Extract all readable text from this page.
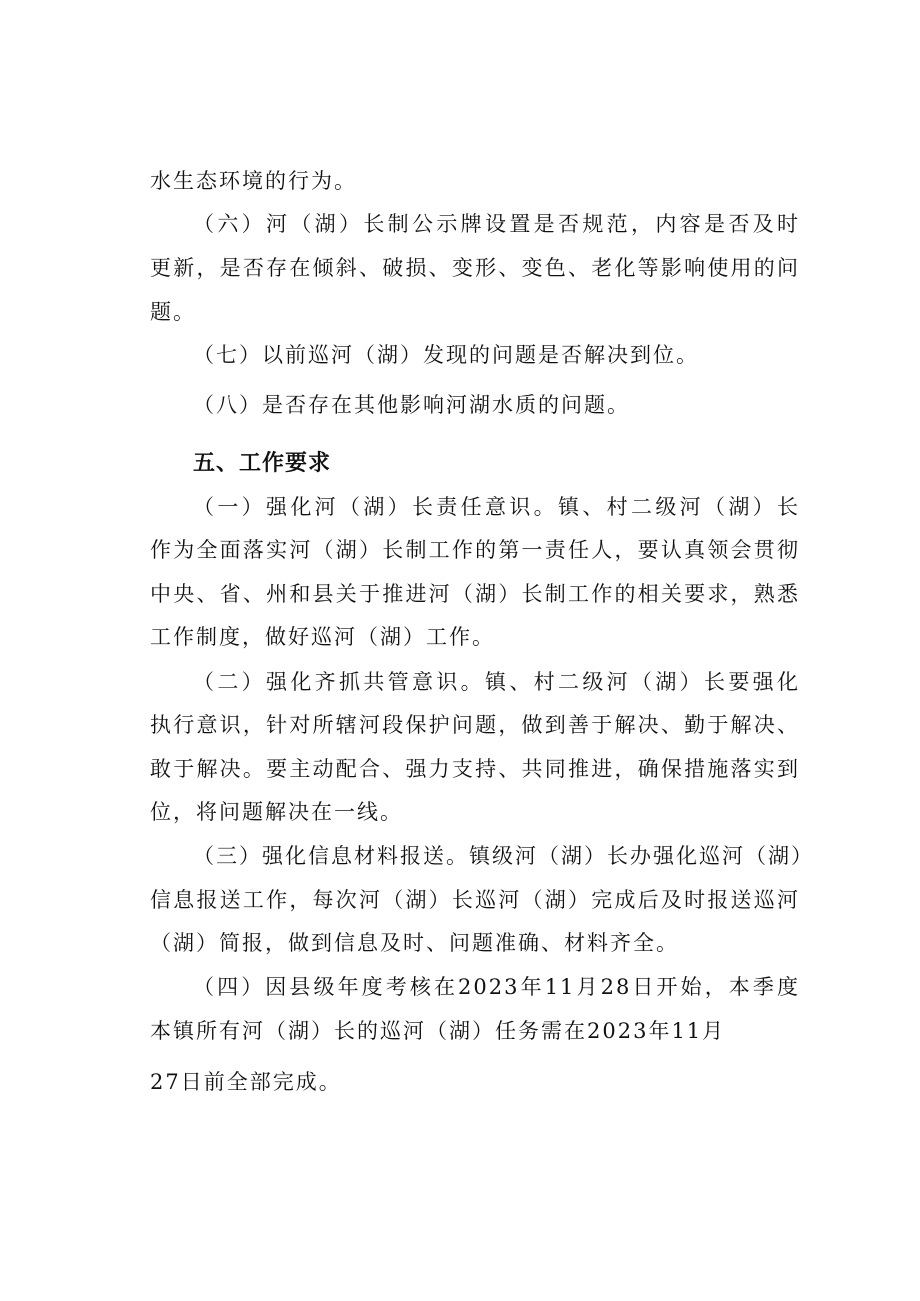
水生态环境的行为。
（六）河（湖）长制公示牌设置是否规范，内容是否及时
更新，是否存在倾斜、破损、变形、变色、老化等影响使用的问
题。
（七）以前巡河（湖）发现的问题是否解决到位。
（八）是否存在其他影响河湖水质的问题。
五、工作要求
（一）强化河（湖）长责任意识。镇、村二级河（湖）长
作为全面落实河（湖）长制工作的第一责任人，要认真领会贯彻
中央、省、州和县关于推进河（湖）长制工作的相关要求，熟悉
工作制度，做好巡河（湖）工作。
（二）强化齐抓共管意识。镇、村二级河（湖）长要强化
执行意识，针对所辖河段保护问题，做到善于解决、勤于解决、
敢于解决。要主动配合、强力支持、共同推进，确保措施落实到
位，将问题解决在一线。
（三）强化信息材料报送。镇级河（湖）长办强化巡河（湖）
信息报送工作，每次河（湖）长巡河（湖）完成后及时报送巡河
（湖）简报，做到信息及时、问题准确、材料齐全。
（四）因县级年度考核在2023年11月28日开始，本季度
本镇所有河（湖）长的巡河（湖）任务需在2023年11月
27日前全部完成。
